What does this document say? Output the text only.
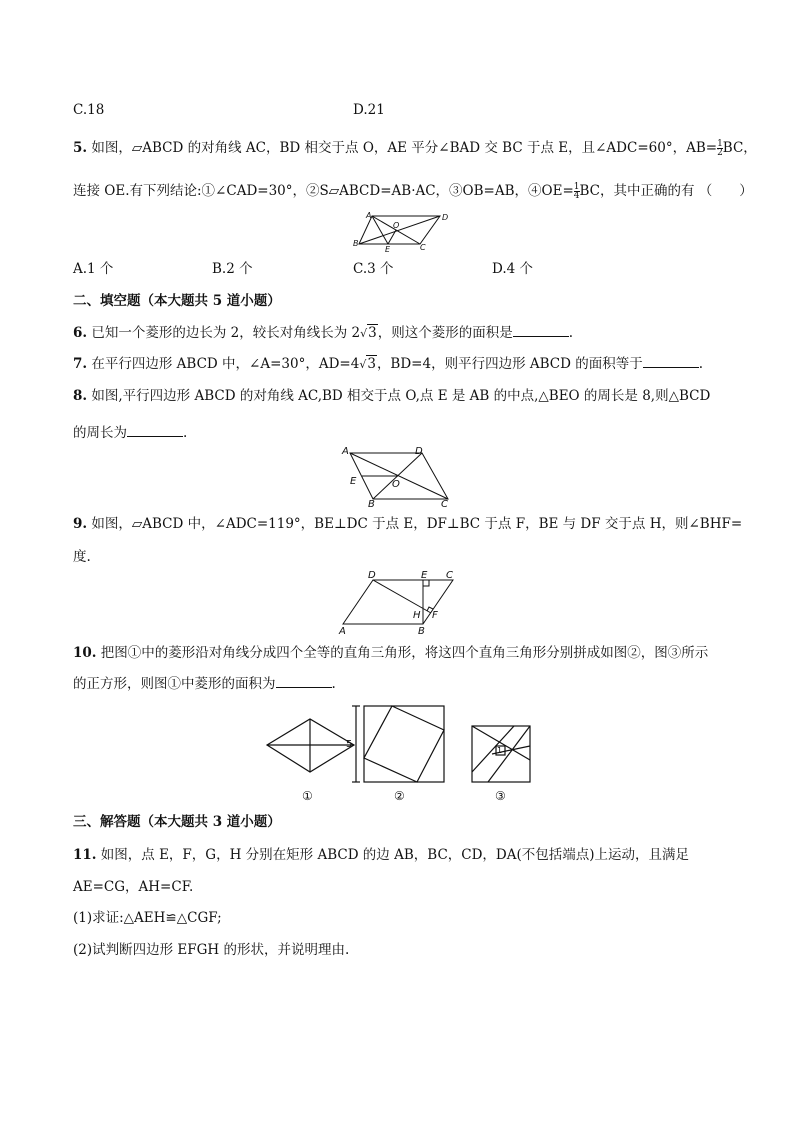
C.18	D.21
5. 如图，▱ABCD 的对角线 AC，BD 相交于点 O，AE 平分∠BAD 交 BC 于点 E，且∠ADC=60°，$AB= \frac{1}{2}$ BC，
连接 OE.有下列结论:①∠CAD=30°，②S▱ABCD=AB·AC，③OB=AB，④OE= $\frac{1}{4}$ BC，其中正确的有 （　　）
A	D
O
B
E	C
A.1 个	B.2 个	C.3 个	D.4 个
二、填空题（本大题共 5 道小题）
6. 已知一个菱形的边长为 2，较长对角线长为 2√3，则这个菱形的面积是	.
7. 在平行四边形 ABCD 中，∠A=30°，AD=4√3，BD=4，则平行四边形 ABCD 的面积等于	.
8. 如图,平行四边形 ABCD 的对角线 AC,BD 相交于点 O,点 E 是 AB 的中点,△BEO 的周长是 8,则△BCD
的周长为	.
A	D
E	O
B	C
9. 如图，▱ABCD 中，∠ADC=119°，BE⊥DC 于点 E，DF⊥BC 于点 F，BE 与 DF 交于点 H，则∠BHF=
度.
D	E C
H F
A	B
10. 把图①中的菱形沿对角线分成四个全等的直角三角形，将这四个直角三角形分别拼成如图②，图③所示
的正方形，则图①中菱形的面积为	.
5
1
①	②	③
三、解答题（本大题共 3 道小题）
11. 如图，点 E，F，G，H 分别在矩形 ABCD 的边 AB，BC，CD，DA(不包括端点)上运动，且满足
AE=CG，AH=CF.
(1)求证:△AEH≌△CGF;
(2)试判断四边形 EFGH 的形状，并说明理由.
